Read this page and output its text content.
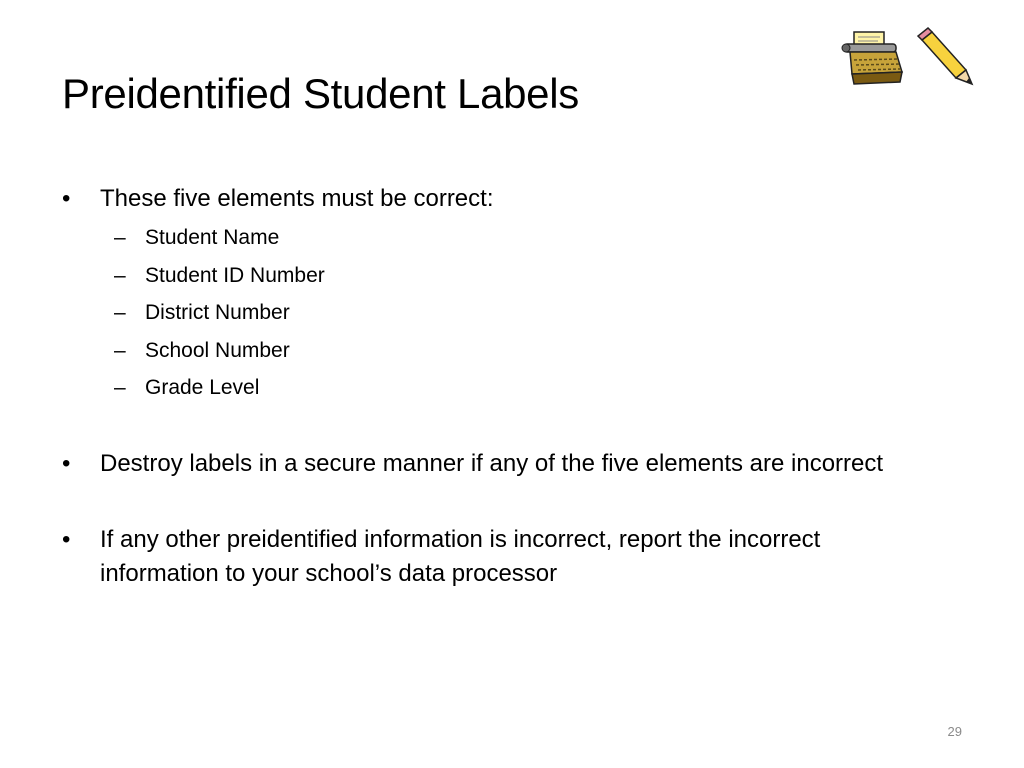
Preidentified Student Labels
•	These five elements must be correct:
– Student Name
– Student ID Number
– District Number
– School Number
– Grade Level
•	Destroy labels in a secure manner if any of the five elements are incorrect
•	If any other preidentified information is incorrect, report the incorrect information to your school’s data processor
29
